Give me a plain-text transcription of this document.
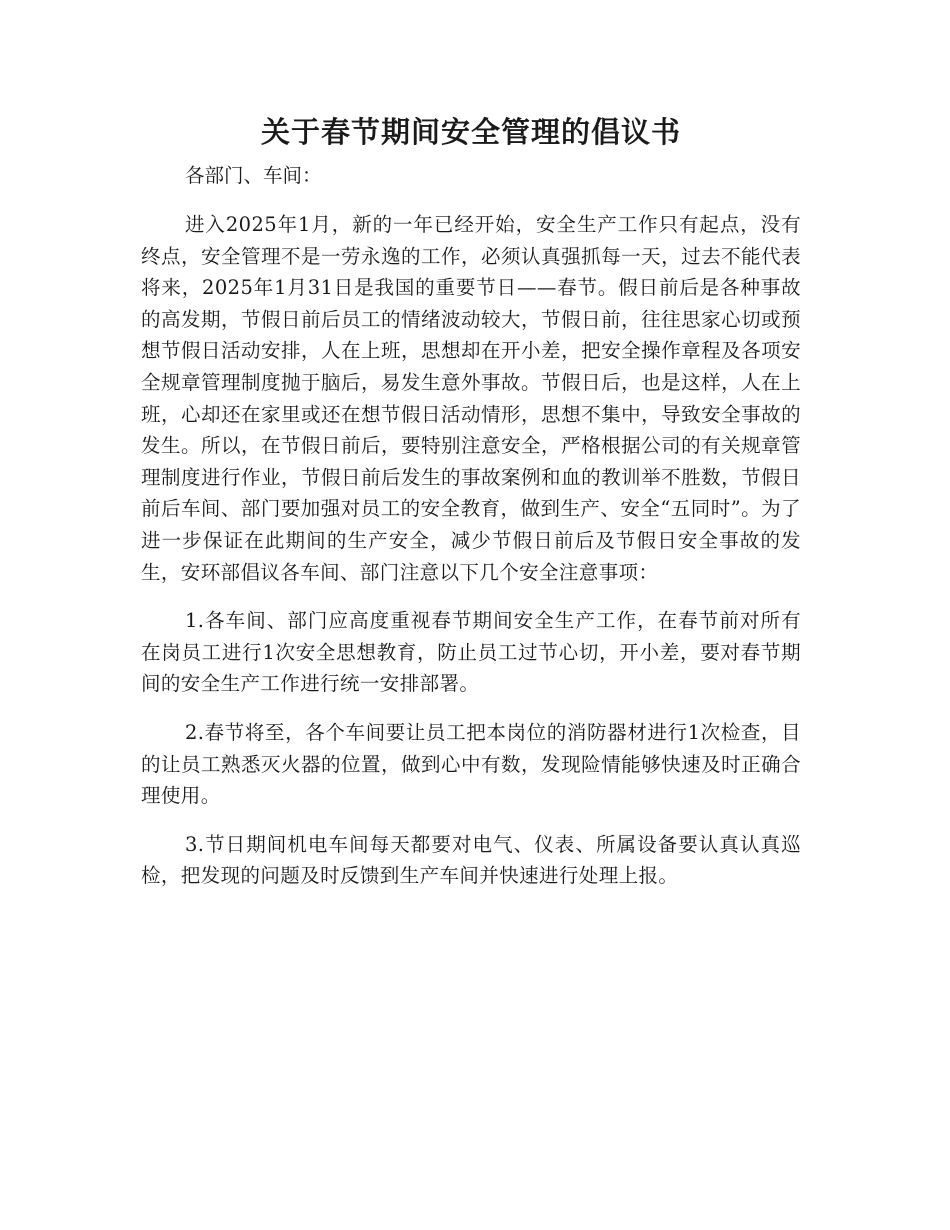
关于春节期间安全管理的倡议书

各部门、车间：

进入2025年1月，新的一年已经开始，安全生产工作只有起点，没有终点，安全管理不是一劳永逸的工作，必须认真强抓每一天，过去不能代表将来，2025年1月31日是我国的重要节日——春节。假日前后是各种事故的高发期，节假日前后员工的情绪波动较大，节假日前，往往思家心切或预想节假日活动安排，人在上班，思想却在开小差，把安全操作章程及各项安全规章管理制度抛于脑后，易发生意外事故。节假日后，也是这样，人在上班，心却还在家里或还在想节假日活动情形，思想不集中，导致安全事故的发生。所以，在节假日前后，要特别注意安全，严格根据公司的有关规章管理制度进行作业，节假日前后发生的事故案例和血的教训举不胜数，节假日前后车间、部门要加强对员工的安全教育，做到生产、安全“五同时”。为了进一步保证在此期间的生产安全，减少节假日前后及节假日安全事故的发生，安环部倡议各车间、部门注意以下几个安全注意事项：

1.各车间、部门应高度重视春节期间安全生产工作，在春节前对所有在岗员工进行1次安全思想教育，防止员工过节心切，开小差，要对春节期间的安全生产工作进行统一安排部署。

2.春节将至，各个车间要让员工把本岗位的消防器材进行1次检查，目的让员工熟悉灭火器的位置，做到心中有数，发现险情能够快速及时正确合理使用。

3.节日期间机电车间每天都要对电气、仪表、所属设备要认真认真巡检，把发现的问题及时反馈到生产车间并快速进行处理上报。
